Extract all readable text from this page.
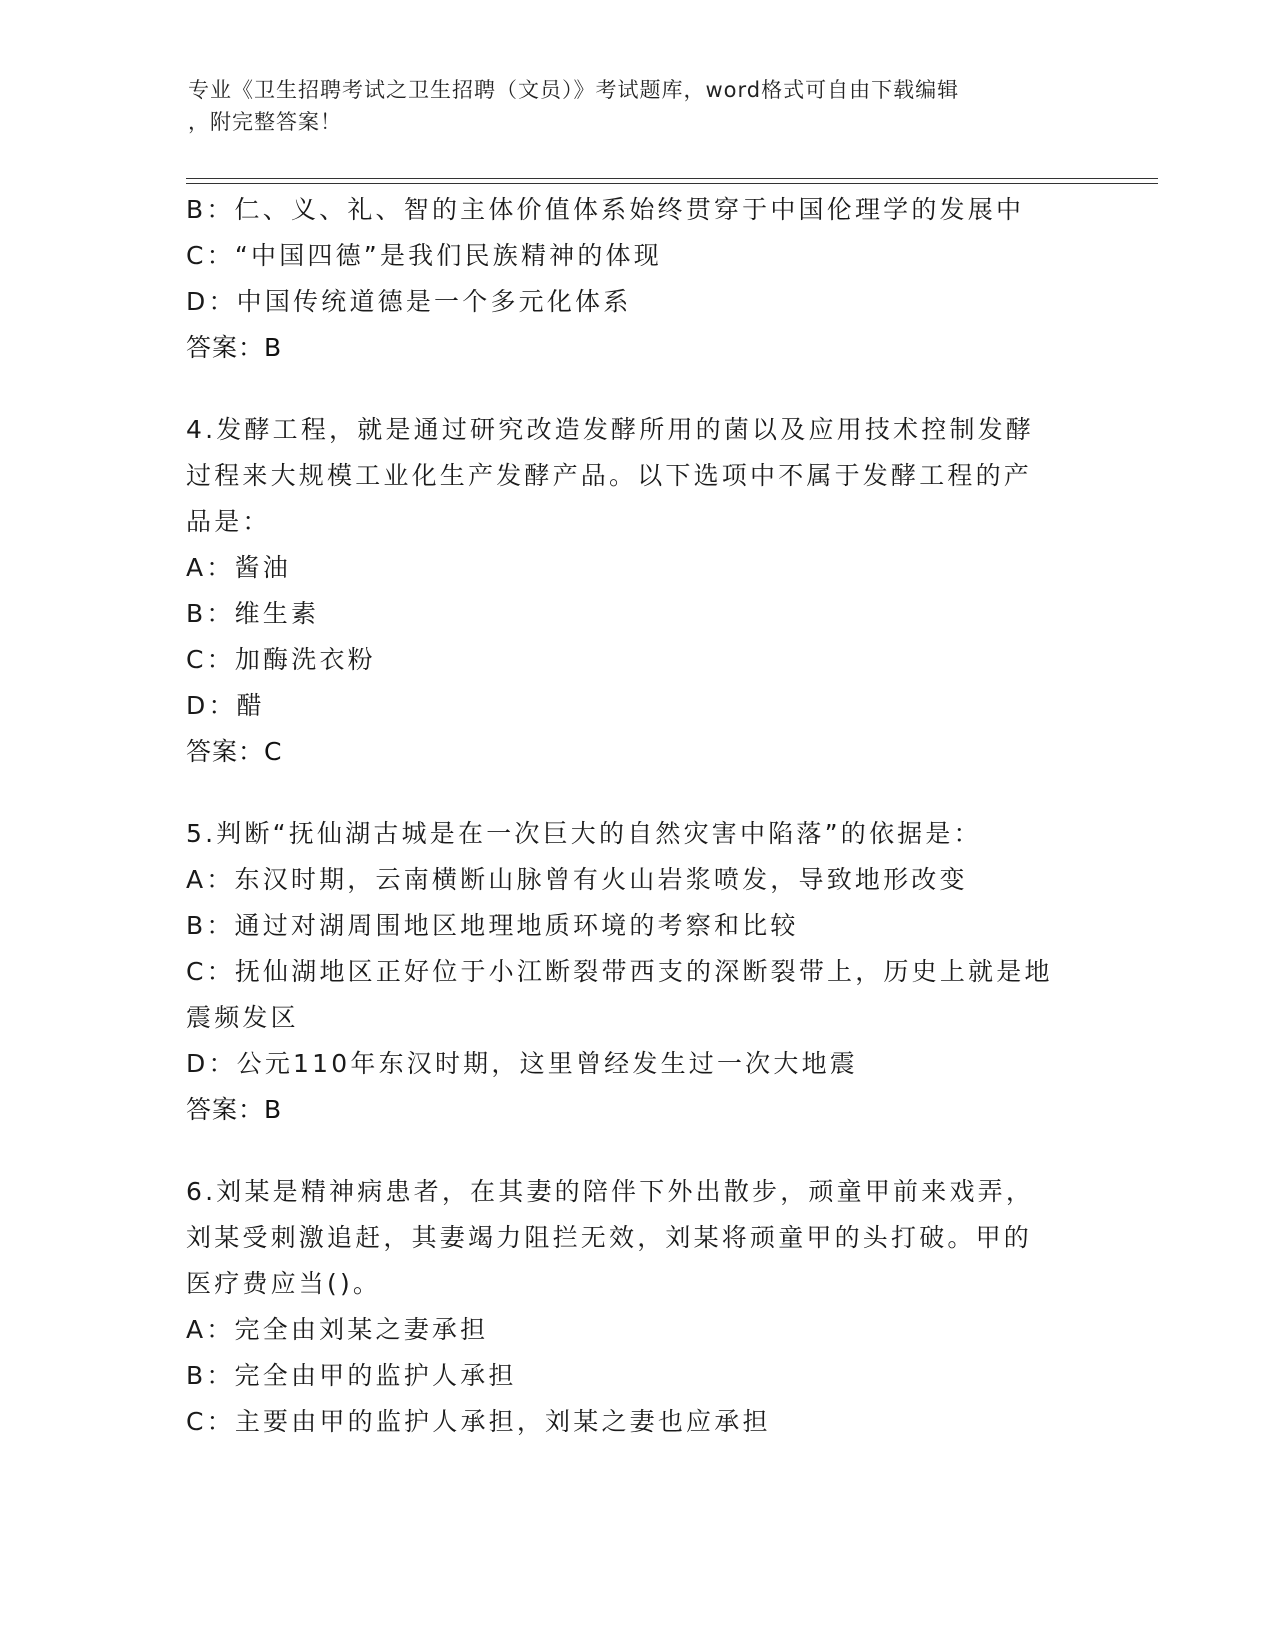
专业《卫生招聘考试之卫生招聘（文员）》考试题库，word格式可自由下载编辑
，附完整答案！
B：仁、义、礼、智的主体价值体系始终贯穿于中国伦理学的发展中
C：“中国四德”是我们民族精神的体现
D：中国传统道德是一个多元化体系
答案：B
4.发酵工程，就是通过研究改造发酵所用的菌以及应用技术控制发酵
过程来大规模工业化生产发酵产品。以下选项中不属于发酵工程的产
品是：
A：酱油
B：维生素
C：加酶洗衣粉
D：醋
答案：C
5.判断“抚仙湖古城是在一次巨大的自然灾害中陷落”的依据是：
A：东汉时期，云南横断山脉曾有火山岩浆喷发，导致地形改变
B：通过对湖周围地区地理地质环境的考察和比较
C：抚仙湖地区正好位于小江断裂带西支的深断裂带上，历史上就是地
震频发区
D：公元110年东汉时期，这里曾经发生过一次大地震
答案：B
6.刘某是精神病患者，在其妻的陪伴下外出散步，顽童甲前来戏弄，
刘某受刺激追赶，其妻竭力阻拦无效，刘某将顽童甲的头打破。甲的
医疗费应当()。
A：完全由刘某之妻承担
B：完全由甲的监护人承担
C：主要由甲的监护人承担，刘某之妻也应承担
